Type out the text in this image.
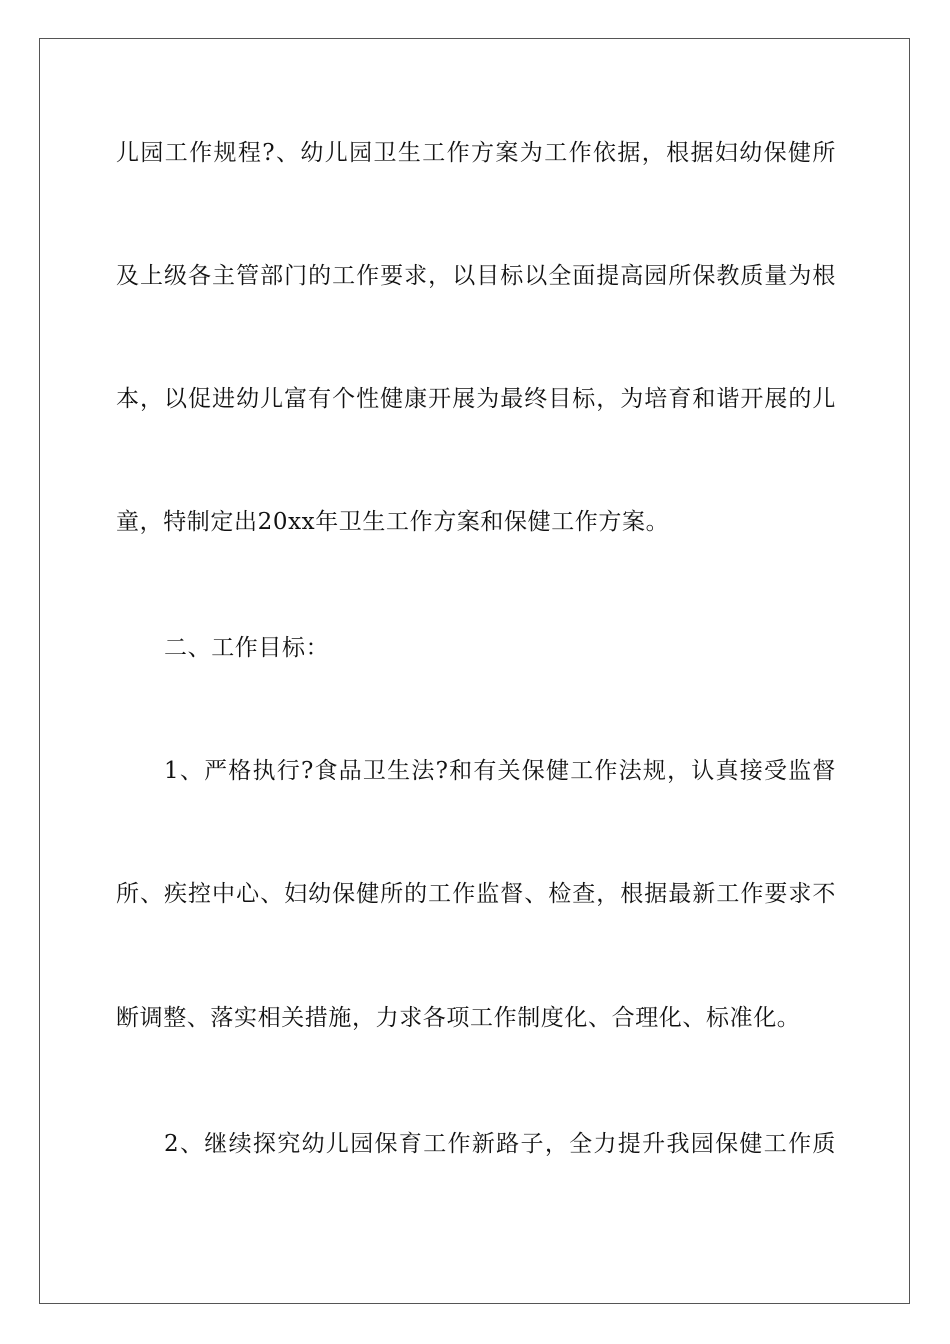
儿园工作规程?、幼儿园卫生工作方案为工作依据，根据妇幼保健所
及上级各主管部门的工作要求，以目标以全面提高园所保教质量为根
本，以促进幼儿富有个性健康开展为最终目标，为培育和谐开展的儿
童，特制定出20xx年卫生工作方案和保健工作方案。
二、工作目标：
1、严格执行?食品卫生法?和有关保健工作法规，认真接受监督
所、疾控中心、妇幼保健所的工作监督、检查，根据最新工作要求不
断调整、落实相关措施，力求各项工作制度化、合理化、标准化。
2、继续探究幼儿园保育工作新路子，全力提升我园保健工作质
